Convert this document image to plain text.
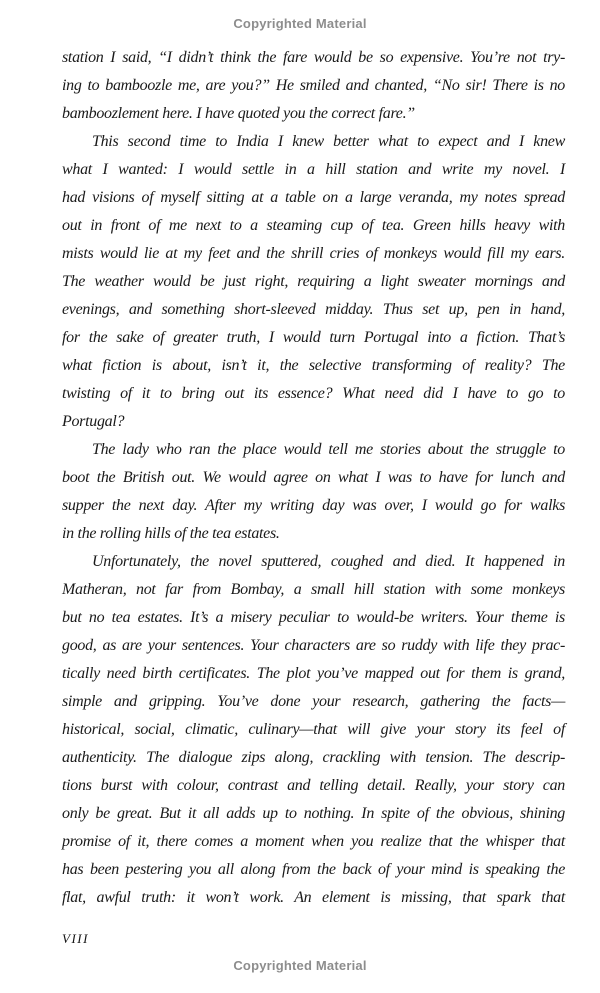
Copyrighted Material
station I said, “I didn’t think the fare would be so expensive. You’re not try-
ing to bamboozle me, are you?” He smiled and chanted, “No sir! There is no
bamboozlement here. I have quoted you the correct fare.”
This second time to India I knew better what to expect and I knew
what I wanted: I would settle in a hill station and write my novel. I
had visions of myself sitting at a table on a large veranda, my notes spread
out in front of me next to a steaming cup of tea. Green hills heavy with
mists would lie at my feet and the shrill cries of monkeys would fill my ears.
The weather would be just right, requiring a light sweater mornings and
evenings, and something short-sleeved midday. Thus set up, pen in hand,
for the sake of greater truth, I would turn Portugal into a fiction. That’s
what fiction is about, isn’t it, the selective transforming of reality? The
twisting of it to bring out its essence? What need did I have to go to
Portugal?
The lady who ran the place would tell me stories about the struggle to
boot the British out. We would agree on what I was to have for lunch and
supper the next day. After my writing day was over, I would go for walks
in the rolling hills of the tea estates.
Unfortunately, the novel sputtered, coughed and died. It happened in
Matheran, not far from Bombay, a small hill station with some monkeys
but no tea estates. It’s a misery peculiar to would-be writers. Your theme is
good, as are your sentences. Your characters are so ruddy with life they prac-
tically need birth certificates. The plot you’ve mapped out for them is grand,
simple and gripping. You’ve done your research, gathering the facts—
historical, social, climatic, culinary—that will give your story its feel of
authenticity. The dialogue zips along, crackling with tension. The descrip-
tions burst with colour, contrast and telling detail. Really, your story can
only be great. But it all adds up to nothing. In spite of the obvious, shining
promise of it, there comes a moment when you realize that the whisper that
has been pestering you all along from the back of your mind is speaking the
flat, awful truth: it won’t work. An element is missing, that spark that
VIII
Copyrighted Material
